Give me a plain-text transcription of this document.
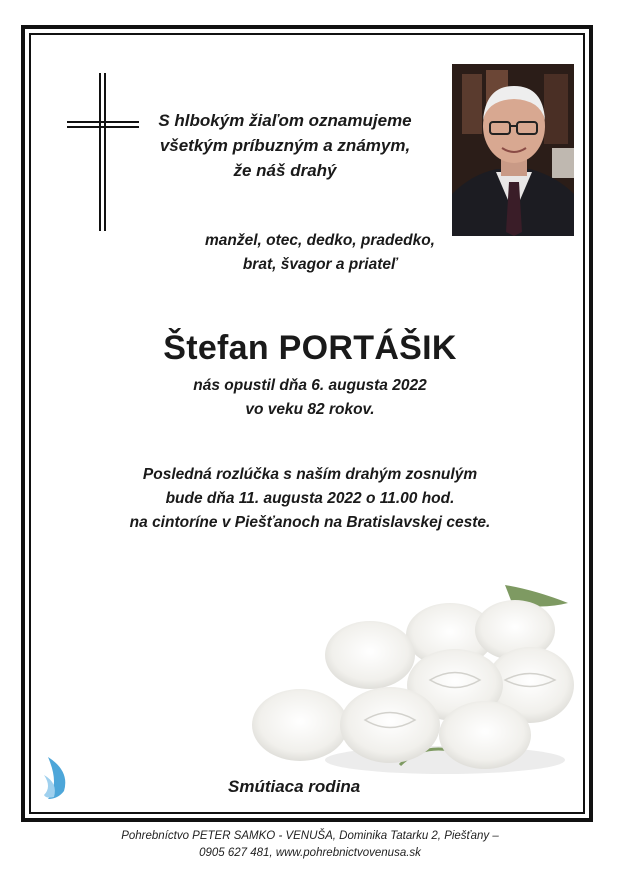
S hlbokým žiaľom oznamujeme
všetkým príbuzným a známym,
že náš drahý
manžel, otec, dedko, pradedko,
brat, švagor a priateľ
Štefan PORTÁŠIK
nás opustil dňa 6. augusta 2022
vo veku 82 rokov.
Posledná rozlúčka s naším drahým zosnulým
bude dňa 11. augusta 2022 o 11.00 hod.
na cintoríne v Piešťanoch na Bratislavskej ceste.
Smútiaca rodina
Pohrebníctvo PETER SAMKO - VENUŠA, Dominika Tatarku 2, Piešťany –
0905 627 481, www.pohrebnictvovenusa.sk
